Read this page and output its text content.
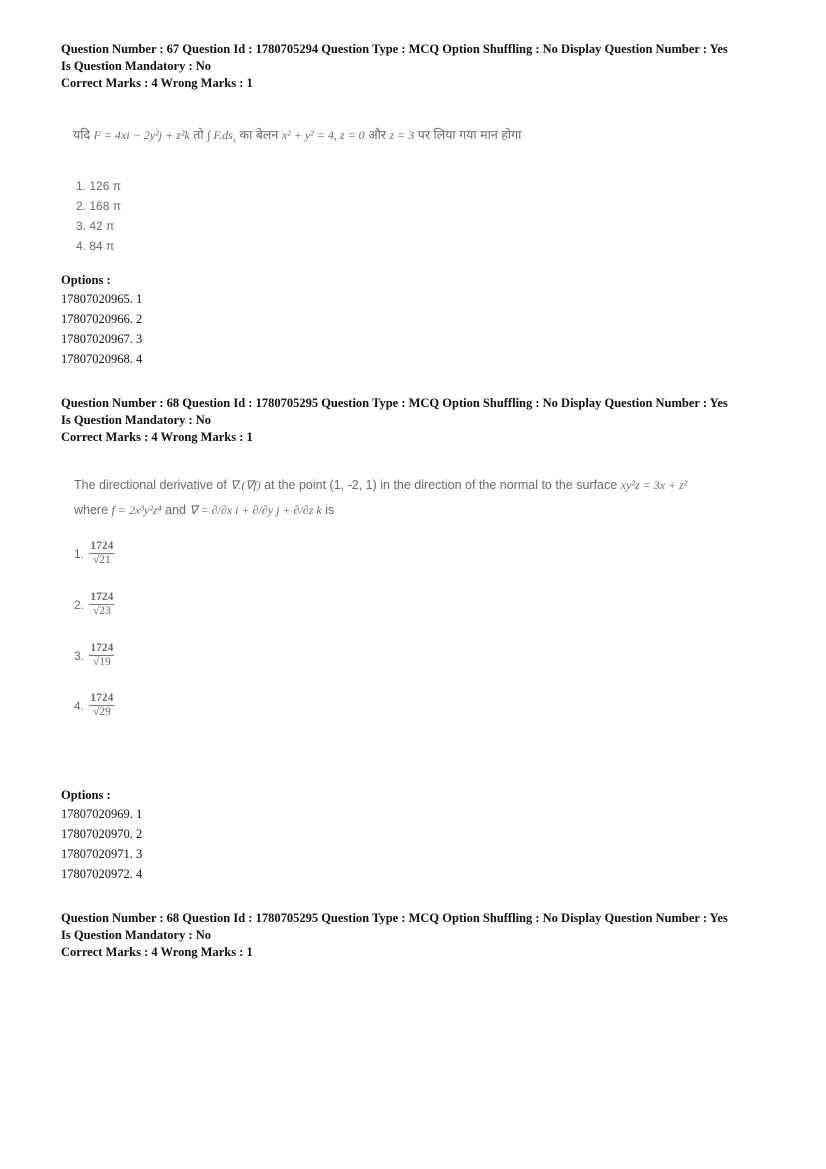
Question Number : 67 Question Id : 1780705294 Question Type : MCQ Option Shuffling : No Display Question Number : Yes
Is Question Mandatory : No
Correct Marks : 4 Wrong Marks : 1
यदि F = 4xi − 2y²j + z²k तो ∫ $F.ds_s$ का बेलन x² + y² = 4, z = 0 और z = 3 पर लिया गया मान होगा
1. 126 π
2. 168 π
3. 42 π
4. 84 π
Options :
17807020965. 1
17807020966. 2
17807020967. 3
17807020968. 4
Question Number : 68 Question Id : 1780705295 Question Type : MCQ Option Shuffling : No Display Question Number : Yes
Is Question Mandatory : No
Correct Marks : 4 Wrong Marks : 1
The directional derivative of ∇.(∇f) at the point (1, -2, 1) in the direction of the normal to the surface xy²z = 3x + z²
where f = 2x³y²z⁴ and ∇ = ∂/∂x i + ∂/∂y j + ∂/∂z k is
1. $\frac{1724}{√21}$
2. $\frac{1724}{√23}$
3. $\frac{1724}{√19}$
4. $\frac{1724}{√29}$
Options :
17807020969. 1
17807020970. 2
17807020971. 3
17807020972. 4
Question Number : 68 Question Id : 1780705295 Question Type : MCQ Option Shuffling : No Display Question Number : Yes
Is Question Mandatory : No
Correct Marks : 4 Wrong Marks : 1
